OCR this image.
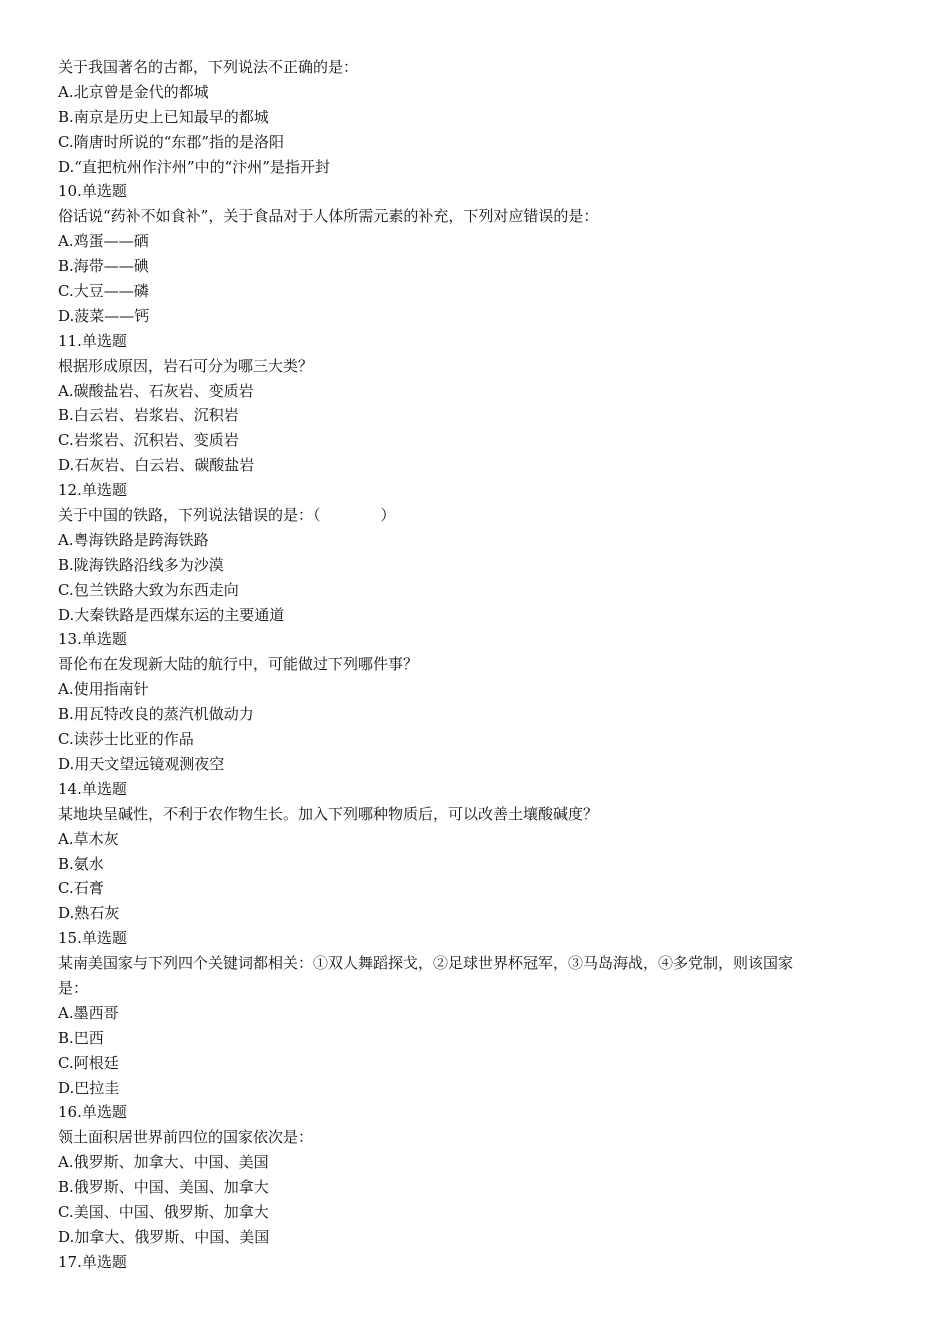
关于我国著名的古都，下列说法不正确的是：
A.北京曾是金代的都城
B.南京是历史上已知最早的都城
C.隋唐时所说的“东郡”指的是洛阳
D.“直把杭州作汴州”中的“汴州”是指开封
10.单选题
俗话说“药补不如食补”，关于食品对于人体所需元素的补充，下列对应错误的是：
A.鸡蛋——硒
B.海带——碘
C.大豆——磷
D.菠菜——钙
11.单选题
根据形成原因，岩石可分为哪三大类？
A.碳酸盐岩、石灰岩、变质岩
B.白云岩、岩浆岩、沉积岩
C.岩浆岩、沉积岩、变质岩
D.石灰岩、白云岩、碳酸盐岩
12.单选题
关于中国的铁路，下列说法错误的是：（　　　　）
A.粤海铁路是跨海铁路
B.陇海铁路沿线多为沙漠
C.包兰铁路大致为东西走向
D.大秦铁路是西煤东运的主要通道
13.单选题
哥伦布在发现新大陆的航行中，可能做过下列哪件事？
A.使用指南针
B.用瓦特改良的蒸汽机做动力
C.读莎士比亚的作品
D.用天文望远镜观测夜空
14.单选题
某地块呈碱性，不利于农作物生长。加入下列哪种物质后，可以改善土壤酸碱度？
A.草木灰
B.氨水
C.石膏
D.熟石灰
15.单选题
某南美国家与下列四个关键词都相关：①双人舞蹈探戈，②足球世界杯冠军，③马岛海战，④多党制，则该国家
是：
A.墨西哥
B.巴西
C.阿根廷
D.巴拉圭
16.单选题
领土面积居世界前四位的国家依次是：
A.俄罗斯、加拿大、中国、美国
B.俄罗斯、中国、美国、加拿大
C.美国、中国、俄罗斯、加拿大
D.加拿大、俄罗斯、中国、美国
17.单选题
